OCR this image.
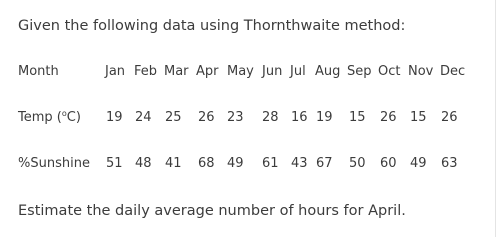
Given the following data using Thornthwaite method:
Month	Jan Feb Mar Apr May Jun Jul Aug Sep Oct Nov Dec
Temp ($^o$C) 19 24 25 26 23 28 16 19 15 26 15 26
%Sunshine 51 48 41 68 49 61 43 67 50 60 49 63
Estimate the daily average number of hours for April.
